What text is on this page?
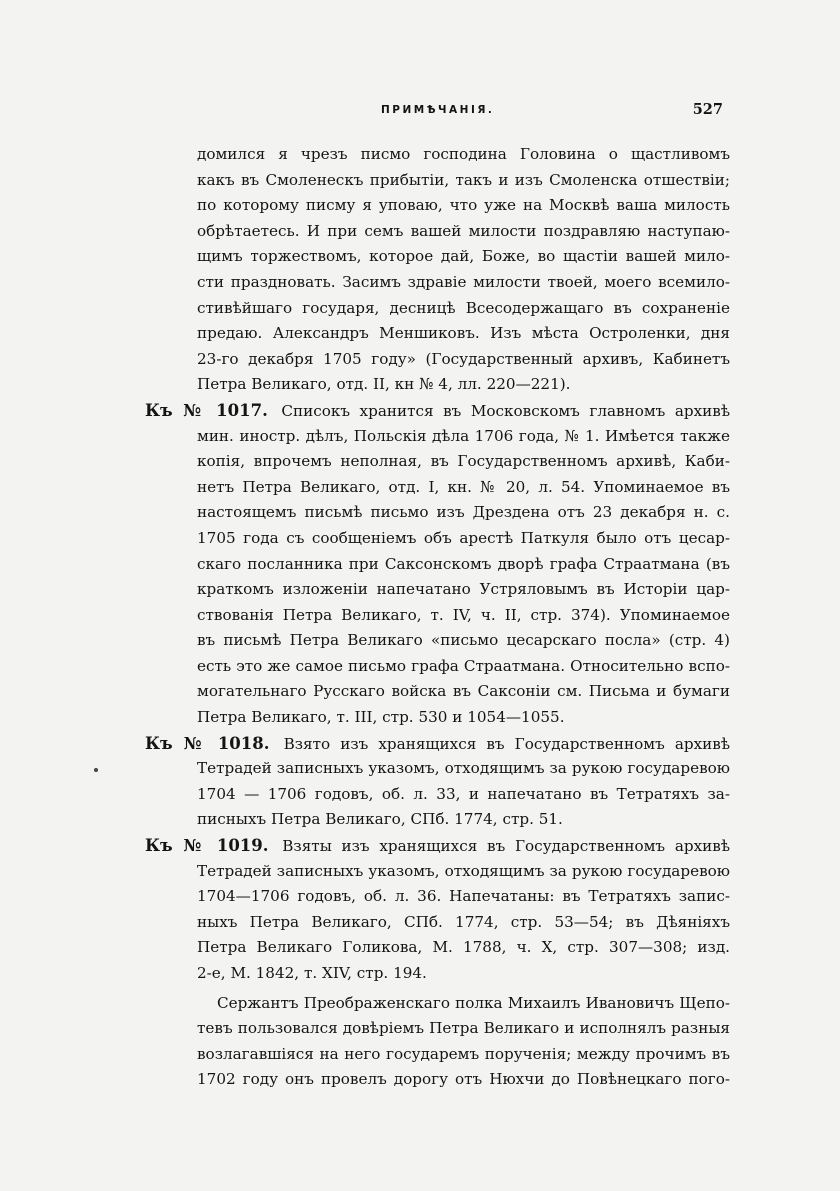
ПРИМѢЧАНІЯ.	527
домился я чрезъ писмо господина Головина о щастливомъ
какъ въ Смоленескъ прибытіи, такъ и изъ Смоленска отшествіи;
по которому писму я уповаю, что уже на Москвѣ ваша милость
обрѣтаетесь. И при семъ вашей милости поздравляю наступаю-
щимъ торжествомъ, которое дай, Боже, во щастіи вашей мило-
сти праздновать. Засимъ здравіе милости твоей, моего всемило-
стивѣйшаго государя, десницѣ Всесодержащаго въ сохраненіе
предаю. Александръ Меншиковъ. Изъ мѣста Остроленки, дня
23-го декабря 1705 году» (Государственный архивъ, Кабинетъ
Петра Великаго, отд. II, кн № 4, лл. 220—221).
Къ № 1017. Списокъ хранится въ Московскомъ главномъ архивѣ
мин. иностр. дѣлъ, Польскія дѣла 1706 года, № 1. Имѣется также
копія, впрочемъ неполная, въ Государственномъ архивѣ, Каби-
нетъ Петра Великаго, отд. I, кн. № 20, л. 54. Упоминаемое въ
настоящемъ письмѣ письмо изъ Дрездена отъ 23 декабря н. с.
1705 года съ сообщеніемъ объ арестѣ Паткуля было отъ цесар-
скаго посланника при Саксонскомъ дворѣ графа Страатмана (въ
краткомъ изложеніи напечатано Устряловымъ въ Исторіи цар-
ствованія Петра Великаго, т. IV, ч. II, стр. 374). Упоминаемое
въ письмѣ Петра Великаго «письмо цесарскаго посла» (стр. 4)
есть это же самое письмо графа Страатмана. Относительно вспо-
могательнаго Русскаго войска въ Саксоніи см. Письма и бумаги
Петра Великаго, т. III, стр. 530 и 1054—1055.
Къ № 1018. Взято изъ хранящихся въ Государственномъ архивѣ
Тетрадей записныхъ указомъ, отходящимъ за рукою государевою
1704 — 1706 годовъ, об. л. 33, и напечатано въ Тетратяхъ за-
писныхъ Петра Великаго, СПб. 1774, стр. 51.
Къ № 1019. Взяты изъ хранящихся въ Государственномъ архивѣ
Тетрадей записныхъ указомъ, отходящимъ за рукою государевою
1704—1706 годовъ, об. л. 36. Напечатаны: въ Тетратяхъ запис-
ныхъ Петра Великаго, СПб. 1774, стр. 53—54; въ Дѣяніяхъ
Петра Великаго Голикова, М. 1788, ч. X, стр. 307—308; изд.
2-е, М. 1842, т. XIV, стр. 194.
Сержантъ Преображенскаго полка Михаилъ Ивановичъ Щепо-
тевъ пользовался довѣріемъ Петра Великаго и исполнялъ разныя
возлагавшіяся на него государемъ порученія; между прочимъ въ
1702 году онъ провелъ дорогу отъ Нюхчи до Повѣнецкаго пого-
